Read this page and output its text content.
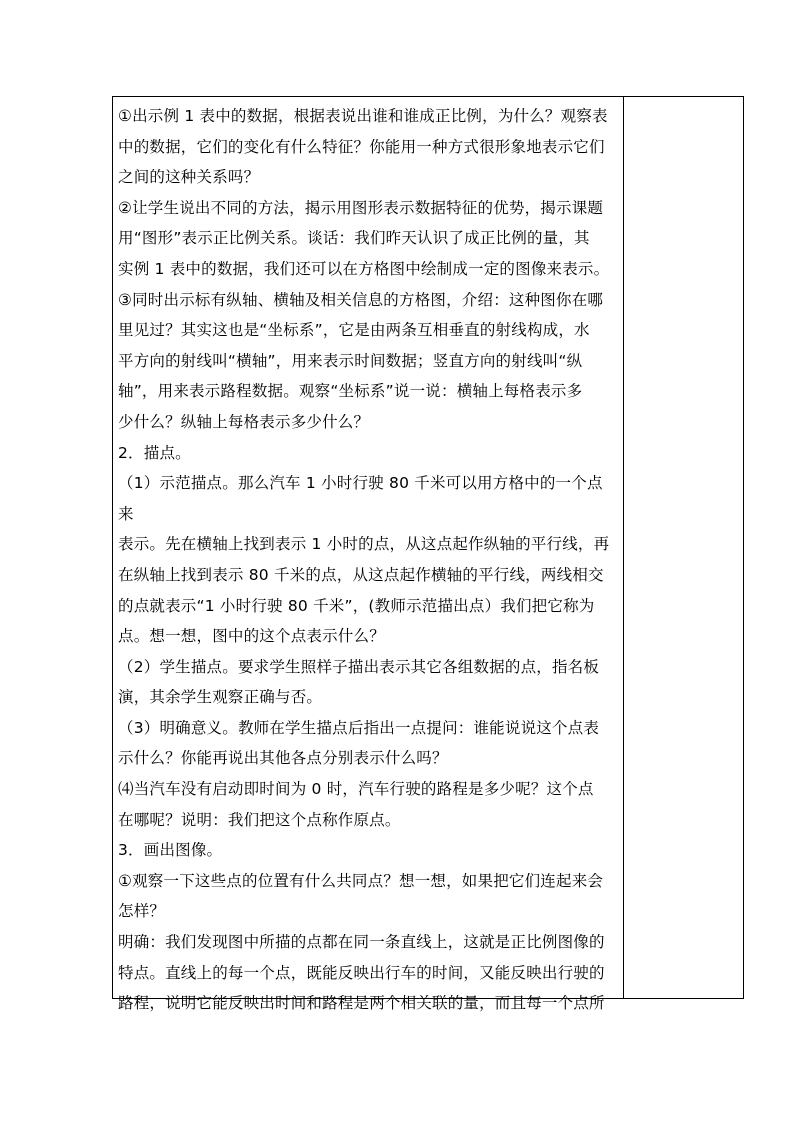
①出示例 1 表中的数据，根据表说出谁和谁成正比例，为什么？观察表

中的数据，它们的变化有什么特征？你能用一种方式很形象地表示它们

之间的这种关系吗？

②让学生说出不同的方法，揭示用图形表示数据特征的优势，揭示课题

用“图形”表示正比例关系。谈话：我们昨天认识了成正比例的量，其

实例 1 表中的数据，我们还可以在方格图中绘制成一定的图像来表示。

③同时出示标有纵轴、横轴及相关信息的方格图，介绍：这种图你在哪

里见过？其实这也是“坐标系”，它是由两条互相垂直的射线构成，水

平方向的射线叫“横轴”，用来表示时间数据；竖直方向的射线叫“纵

轴”，用来表示路程数据。观察“坐标系”说一说：横轴上每格表示多

少什么？纵轴上每格表示多少什么？

2．描点。

（1）示范描点。那么汽车 1 小时行驶 80 千米可以用方格中的一个点来

表示。先在横轴上找到表示 1 小时的点，从这点起作纵轴的平行线，再

在纵轴上找到表示 80 千米的点，从这点起作横轴的平行线，两线相交

的点就表示“1 小时行驶 80 千米”，(教师示范描出点）我们把它称为

点。想一想，图中的这个点表示什么？

（2）学生描点。要求学生照样子描出表示其它各组数据的点，指名板

演，其余学生观察正确与否。

（3）明确意义。教师在学生描点后指出一点提问：谁能说说这个点表

示什么？你能再说出其他各点分别表示什么吗？

⑷当汽车没有启动即时间为 0 时，汽车行驶的路程是多少呢？这个点

在哪呢？说明：我们把这个点称作原点。

3．画出图像。

①观察一下这些点的位置有什么共同点？想一想，如果把它们连起来会

怎样？

明确：我们发现图中所描的点都在同一条直线上，这就是正比例图像的

特点。直线上的每一个点，既能反映出行车的时间，又能反映出行驶的

路程，说明它能反映出时间和路程是两个相关联的量，而且每一个点所
